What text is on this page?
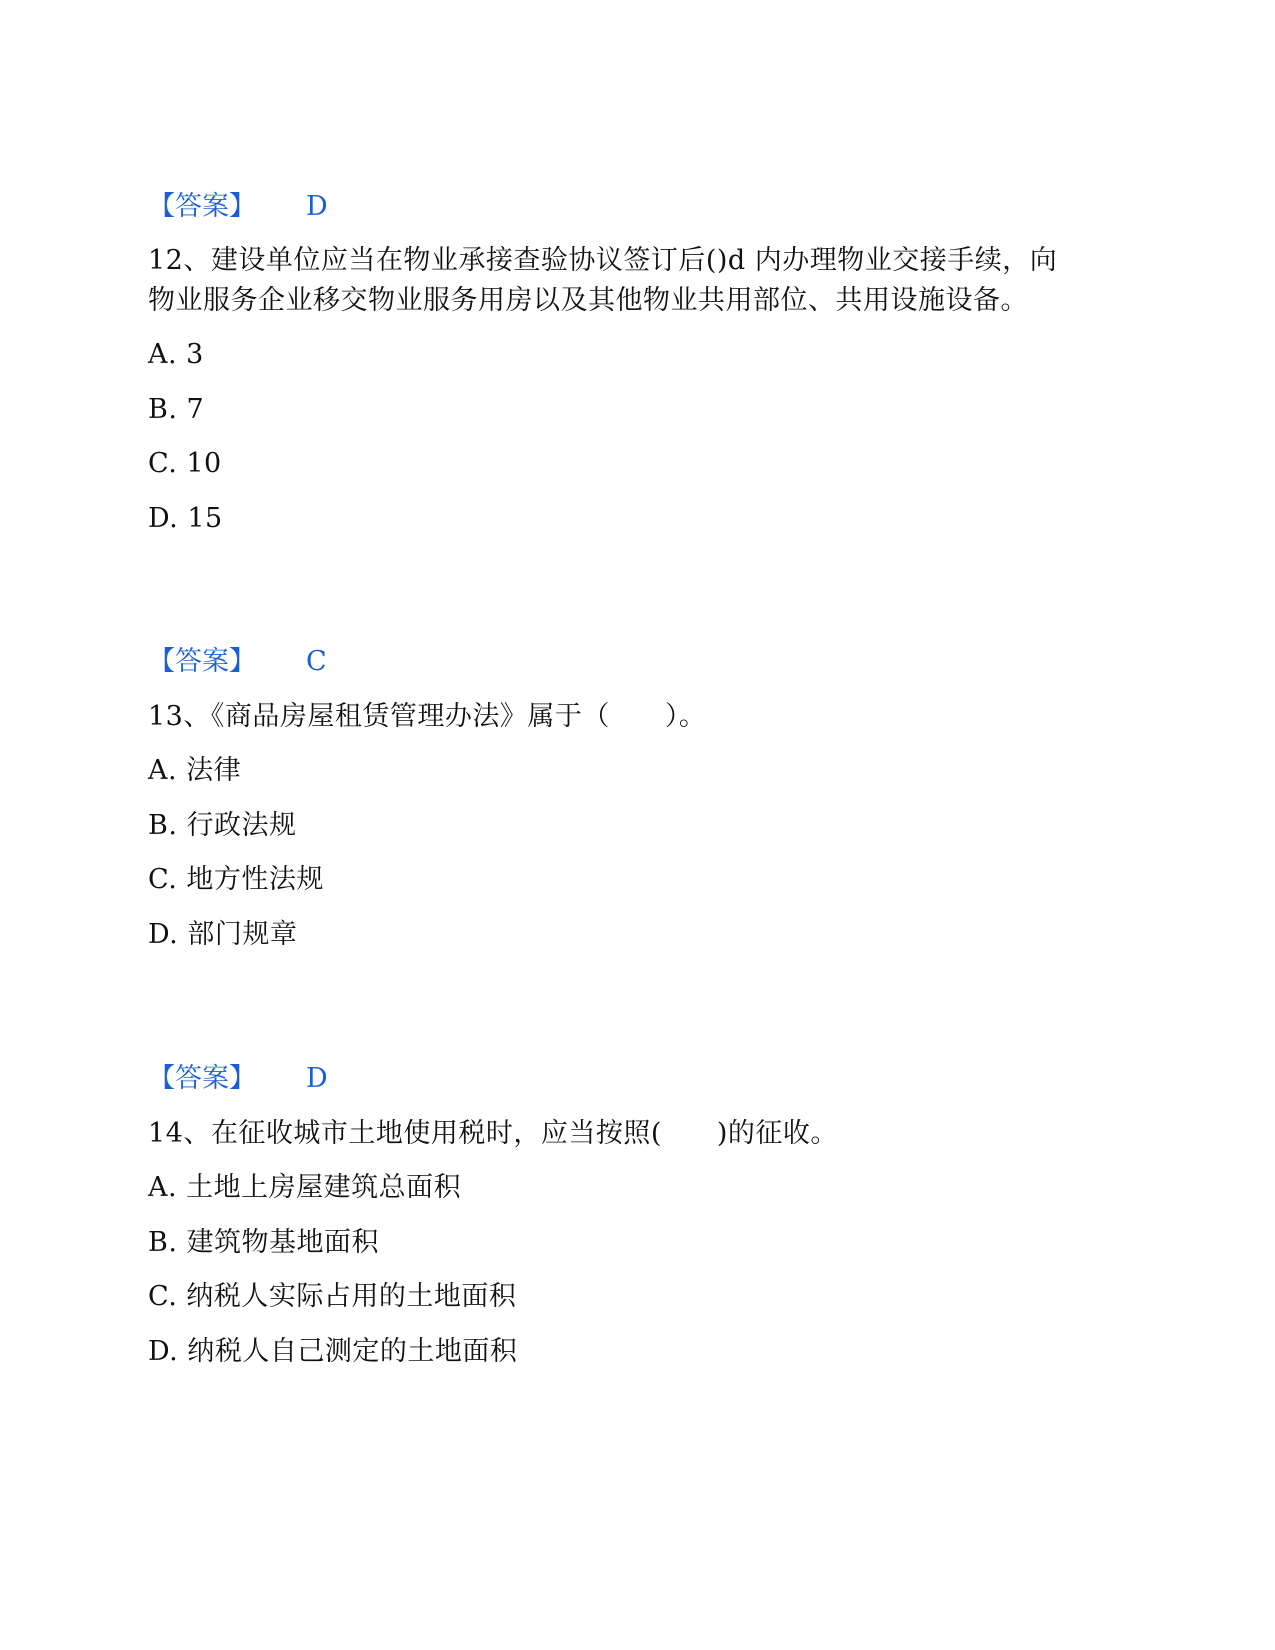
【答案】 D
12、建设单位应当在物业承接查验协议签订后()d 内办理物业交接手续，向
物业服务企业移交物业服务用房以及其他物业共用部位、共用设施设备。
A. 3
B. 7
C. 10
D. 15
【答案】 C
13、《商品房屋租赁管理办法》属于（　　）。
A. 法律
B. 行政法规
C. 地方性法规
D. 部门规章
【答案】 D
14、在征收城市土地使用税时，应当按照(　　)的征收。
A. 土地上房屋建筑总面积
B. 建筑物基地面积
C. 纳税人实际占用的土地面积
D. 纳税人自己测定的土地面积
